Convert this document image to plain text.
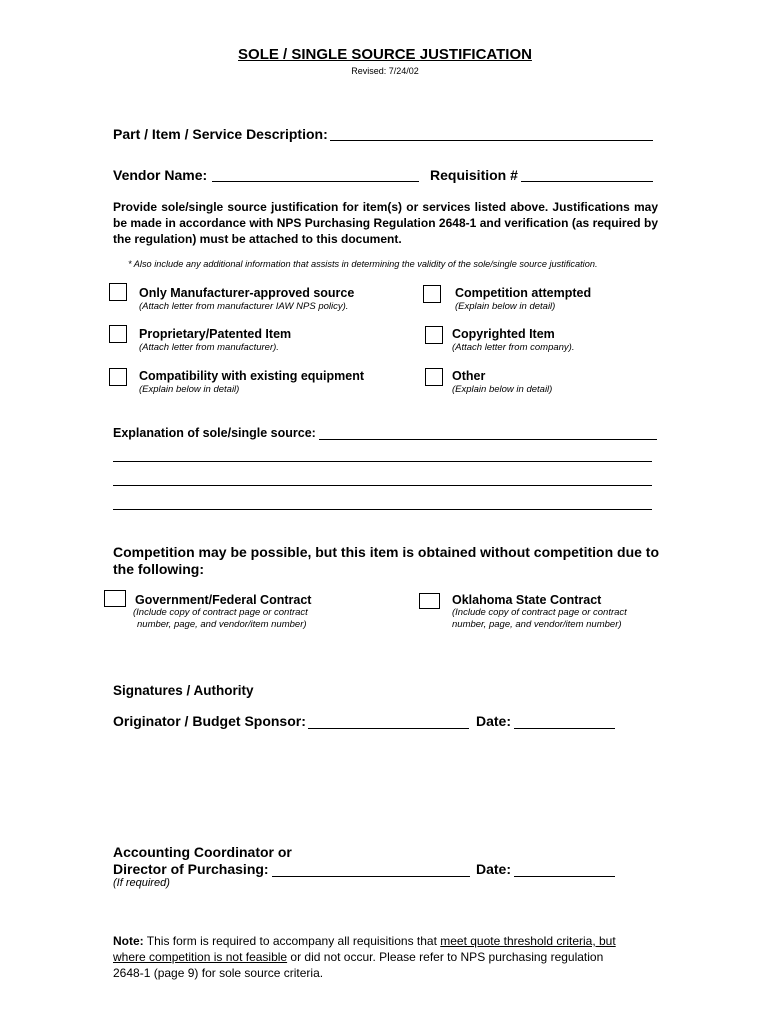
SOLE / SINGLE SOURCE JUSTIFICATION
Revised: 7/24/02
Part / Item / Service Description:
Vendor Name:	Requisition #
Provide sole/single source justification for item(s) or services listed above. Justifications may be made in accordance with NPS Purchasing Regulation 2648-1 and verification (as required by the regulation) must be attached to this document.
* Also include any additional information that assists in determining the validity of the sole/single source justification.
Only Manufacturer-approved source
(Attach letter from manufacturer IAW NPS policy).
Competition attempted
(Explain below in detail)
Proprietary/Patented Item
(Attach letter from manufacturer).
Copyrighted Item
(Attach letter from company).
Compatibility with existing equipment
(Explain below in detail)
Other
(Explain below in detail)
Explanation of sole/single source:
Competition may be possible, but this item is obtained without competition due to
the following:
Government/Federal Contract
(Include copy of contract page or contract
number, page, and vendor/item number)
Oklahoma State Contract
(Include copy of contract page or contract
number, page, and vendor/item number)
Signatures / Authority
Originator / Budget Sponsor:	Date:
Accounting Coordinator or
Director of Purchasing:	Date:
(If required)
Note: This form is required to accompany all requisitions that meet quote threshold criteria, but
where competition is not feasible or did not occur. Please refer to NPS purchasing regulation
2648-1 (page 9) for sole source criteria.
